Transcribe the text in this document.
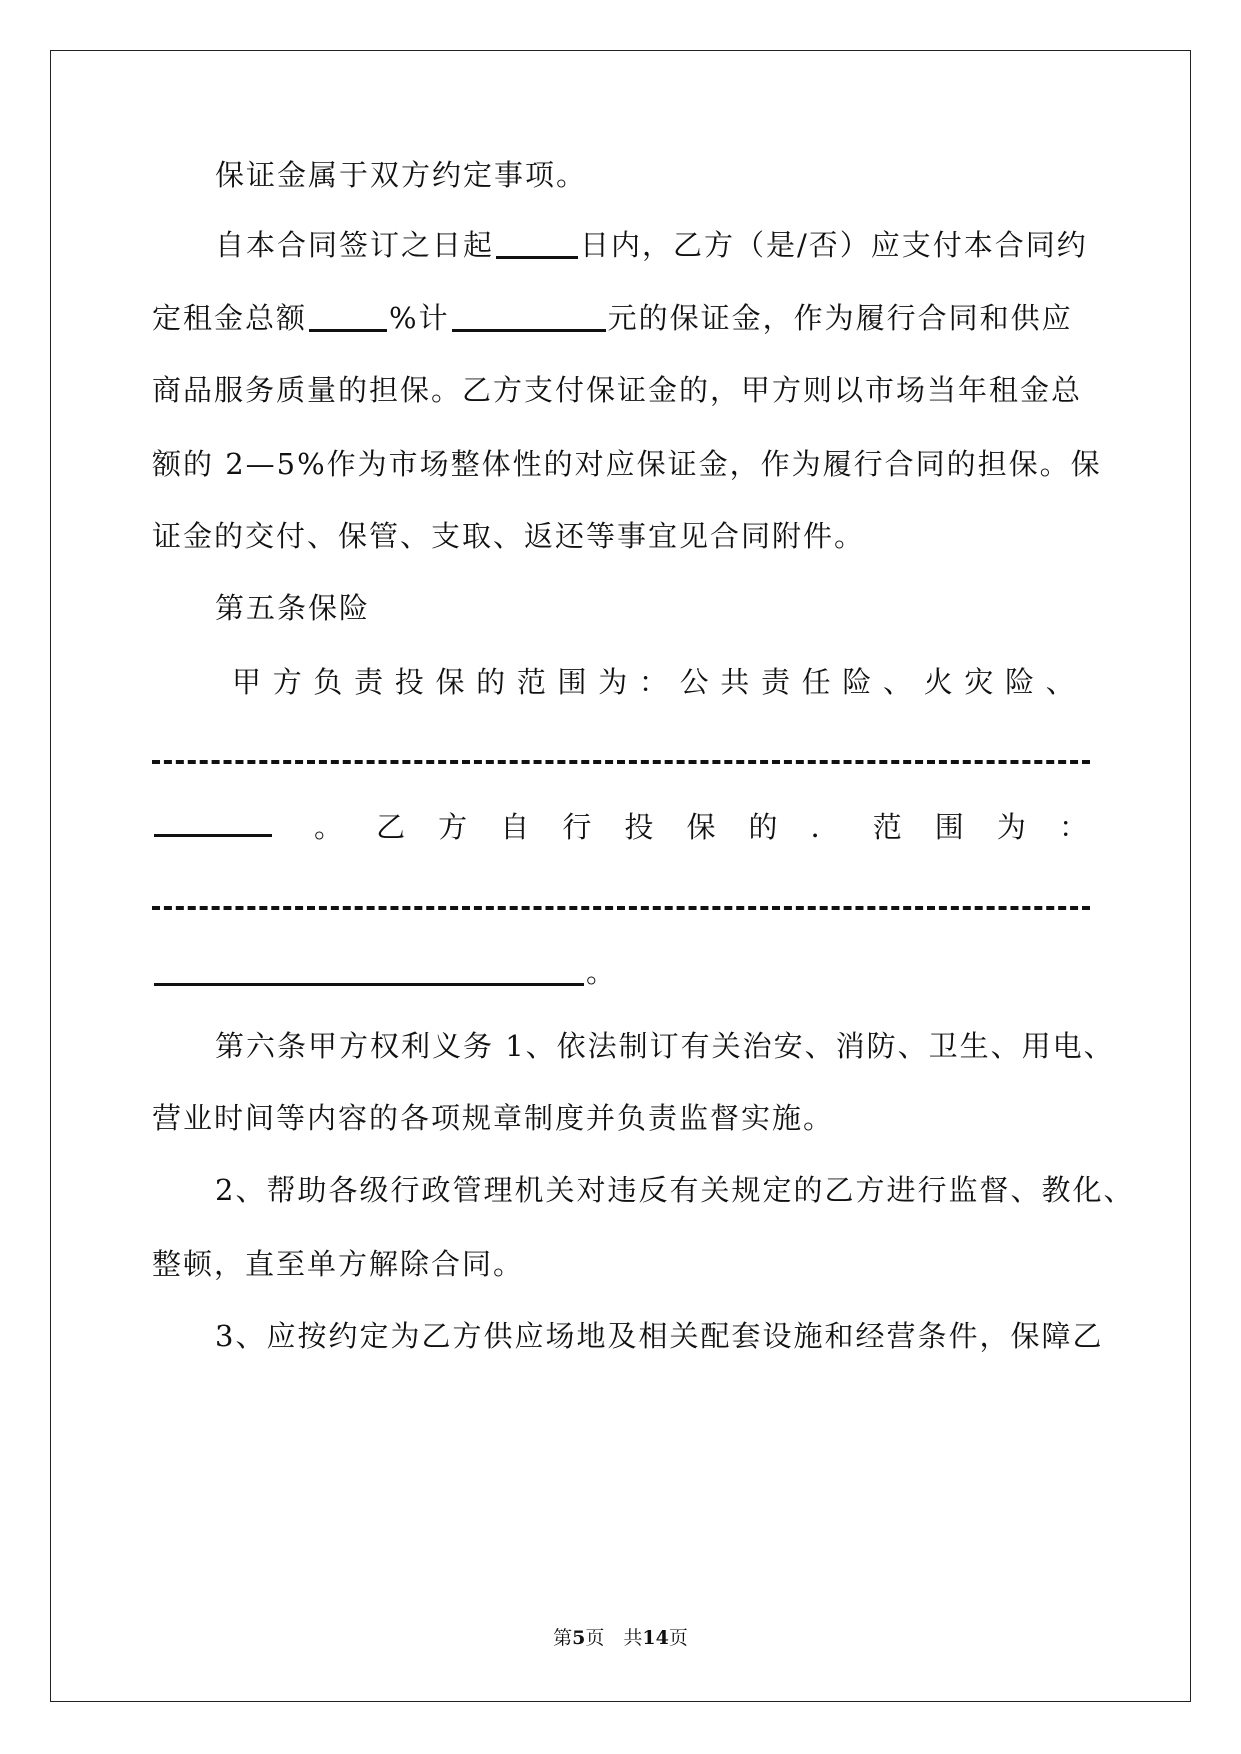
保证金属于双方约定事项。
自本合同签订之日起	日内，乙方（是/否）应支付本合同约
定租金总额	%计	元的保证金，作为履行合同和供应
商品服务质量的担保。乙方支付保证金的，甲方则以市场当年租金总
额的 2—5%作为市场整体性的对应保证金，作为履行合同的担保。保
证金的交付、保管、支取、返还等事宜见合同附件。
第五条保险
甲 方 负 责 投 保 的 范 围 为 ： 公 共 责 任 险 、 火 灾 险 、
。 乙 方 自 行 投 保 的 ． 范 围 为 ：
。
第六条甲方权利义务 1、依法制订有关治安、消防、卫生、用电、
营业时间等内容的各项规章制度并负责监督实施。
2、帮助各级行政管理机关对违反有关规定的乙方进行监督、教化、
整顿，直至单方解除合同。
3、应按约定为乙方供应场地及相关配套设施和经营条件，保障乙
第5页　共14页
